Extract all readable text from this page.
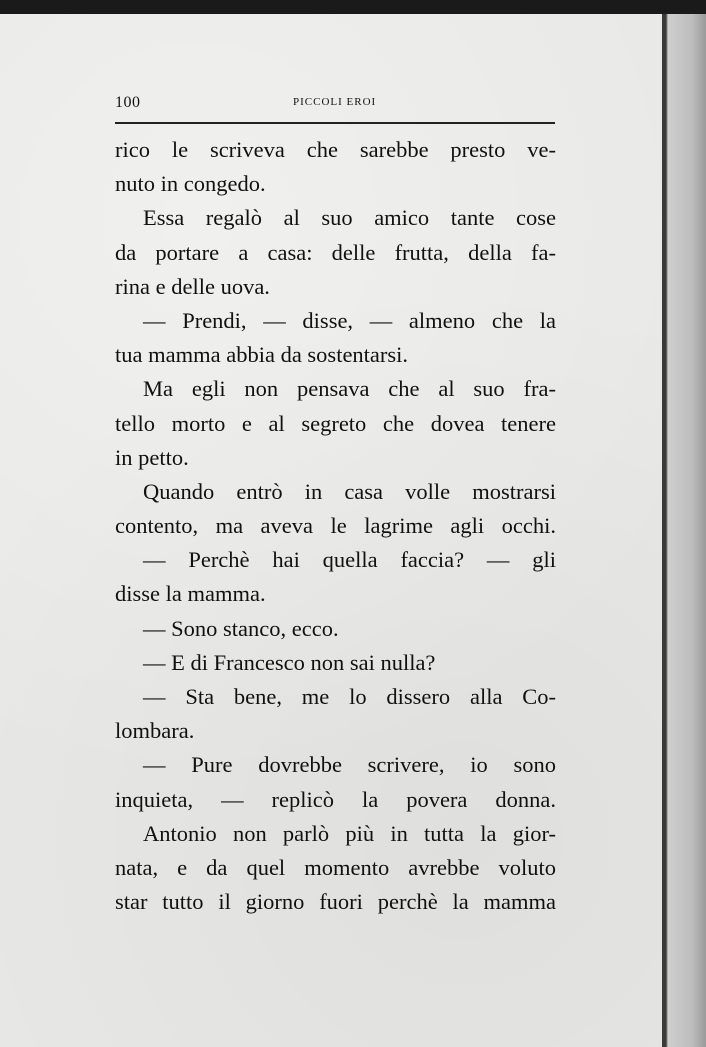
100	PICCOLI EROI
rico le scriveva che sarebbe presto ve-
nuto in congedo.
Essa regalò al suo amico tante cose
da portare a casa: delle frutta, della fa-
rina e delle uova.
— Prendi, — disse, — almeno che la
tua mamma abbia da sostentarsi.
Ma egli non pensava che al suo fra-
tello morto e al segreto che dovea tenere
in petto.
Quando entrò in casa volle mostrarsi
contento, ma aveva le lagrime agli occhi.
— Perchè hai quella faccia? — gli
disse la mamma.
— Sono stanco, ecco.
— E di Francesco non sai nulla?
— Sta bene, me lo dissero alla Co-
lombara.
— Pure dovrebbe scrivere, io sono
inquieta, — replicò la povera donna.
Antonio non parlò più in tutta la gior-
nata, e da quel momento avrebbe voluto
star tutto il giorno fuori perchè la mamma
